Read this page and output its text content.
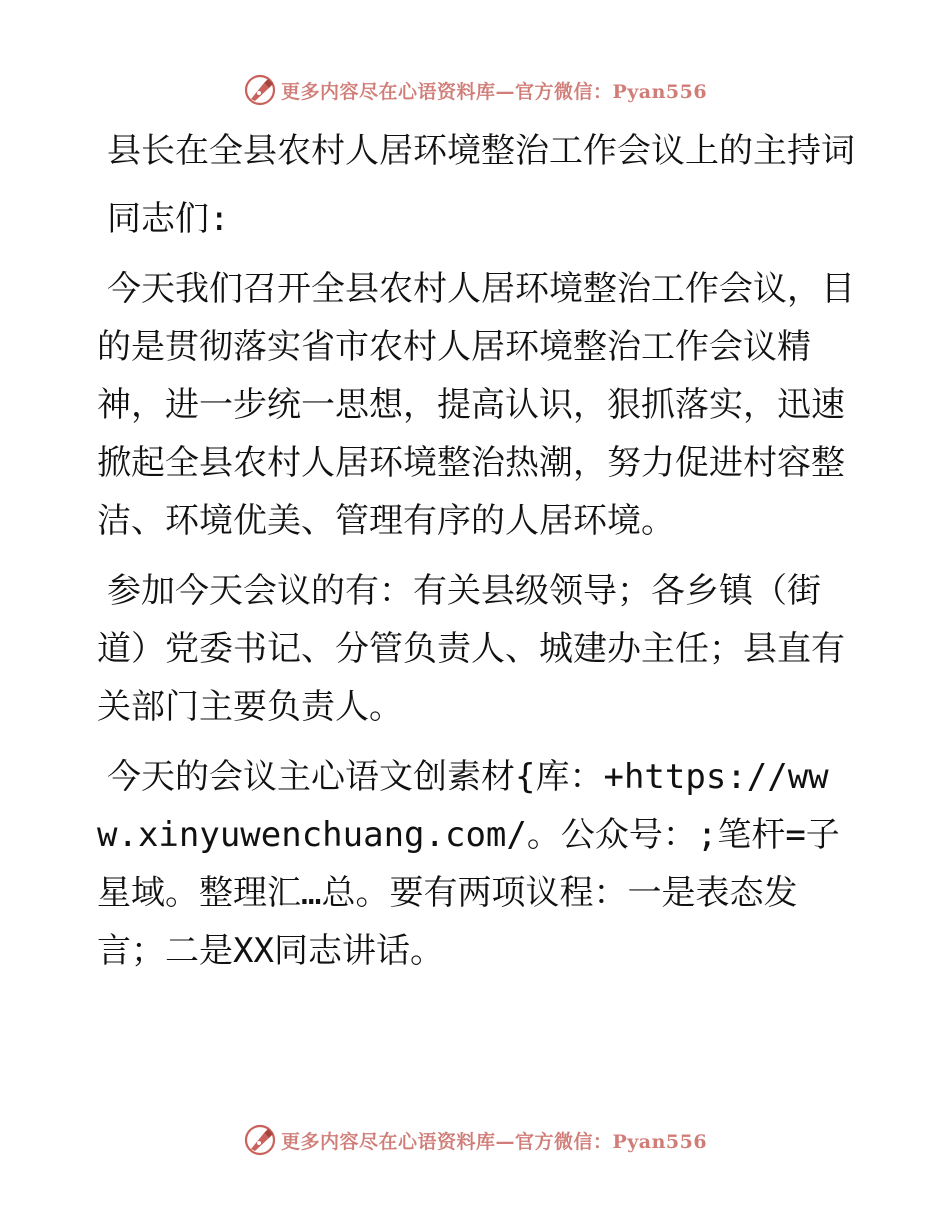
更多内容尽在心语资料库—官方微信：Pyan556

县长在全县农村人居环境整治工作会议上的主持词

同志们:

今天我们召开全县农村人居环境整治工作会议，目的是贯彻落实省市农村人居环境整治工作会议精神，进一步统一思想，提高认识，狠抓落实，迅速掀起全县农村人居环境整治热潮，努力促进村容整洁、环境优美、管理有序的人居环境。

参加今天会议的有：有关县级领导；各乡镇（街道）党委书记、分管负责人、城建办主任；县直有关部门主要负责人。

今天的会议主心语文创素材{库：+https://www.xinyuwenchuang.com/。公众号：;笔杆=子星域。整理汇…总。要有两项议程：一是表态发言；二是XX同志讲话。

更多内容尽在心语资料库—官方微信：Pyan556
